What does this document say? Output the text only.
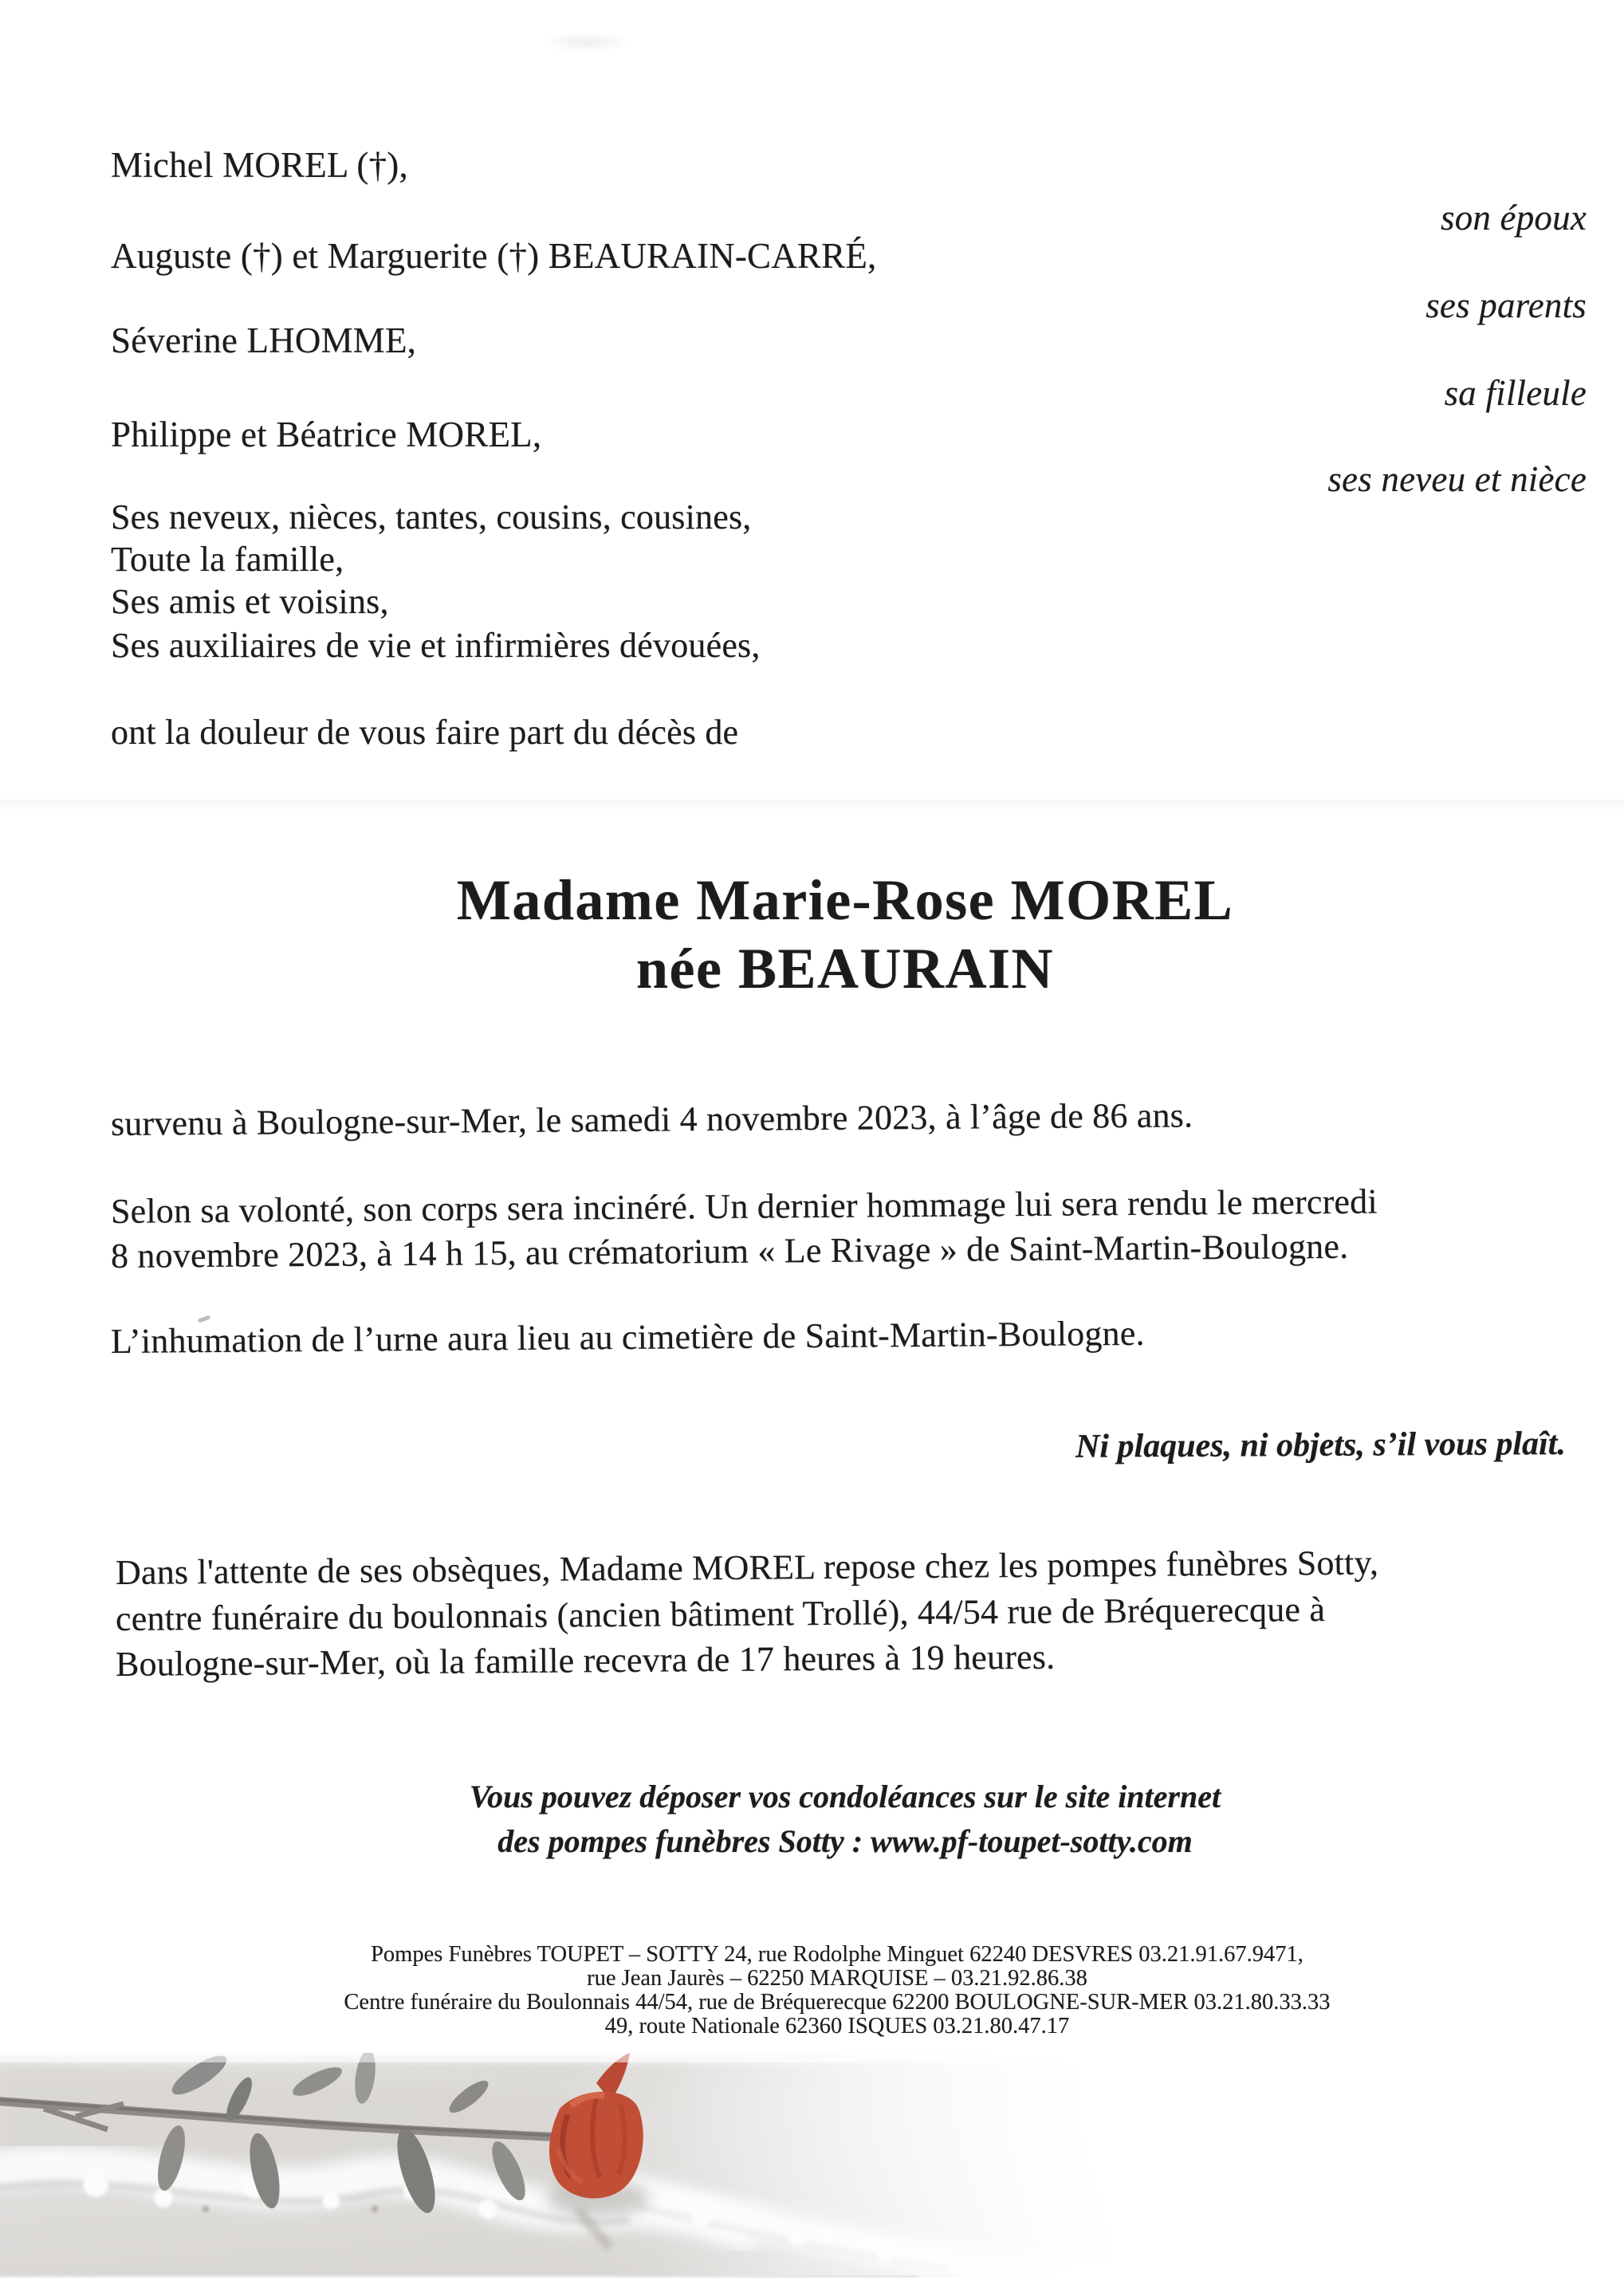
Michel MOREL (†),
son époux
Auguste (†) et Marguerite (†) BEAURAIN-CARRÉ,
ses parents
Séverine LHOMME,
sa filleule
Philippe et Béatrice MOREL,
ses neveu et nièce
Ses neveux, nièces, tantes, cousins, cousines,
Toute la famille,
Ses amis et voisins,
Ses auxiliaires de vie et infirmières dévouées,
ont la douleur de vous faire part du décès de
Madame Marie-Rose MOREL
née BEAURAIN
survenu à Boulogne-sur-Mer, le samedi 4 novembre 2023, à l’âge de 86 ans.
Selon sa volonté, son corps sera incinéré. Un dernier hommage lui sera rendu le mercredi
8 novembre 2023, à 14 h 15, au crématorium « Le Rivage » de Saint-Martin-Boulogne.
L’inhumation de l’urne aura lieu au cimetière de Saint-Martin-Boulogne.
Ni plaques, ni objets, s’il vous plaît.
Dans l'attente de ses obsèques, Madame MOREL repose chez les pompes funèbres Sotty,
centre funéraire du boulonnais (ancien bâtiment Trollé), 44/54 rue de Bréquerecque à
Boulogne-sur-Mer, où la famille recevra de 17 heures à 19 heures.
Vous pouvez déposer vos condoléances sur le site internet
des pompes funèbres Sotty : www.pf-toupet-sotty.com
Pompes Funèbres TOUPET – SOTTY 24, rue Rodolphe Minguet 62240 DESVRES 03.21.91.67.9471,
rue Jean Jaurès – 62250 MARQUISE – 03.21.92.86.38
Centre funéraire du Boulonnais 44/54, rue de Bréquerecque 62200 BOULOGNE-SUR-MER 03.21.80.33.33
49, route Nationale 62360 ISQUES 03.21.80.47.17
